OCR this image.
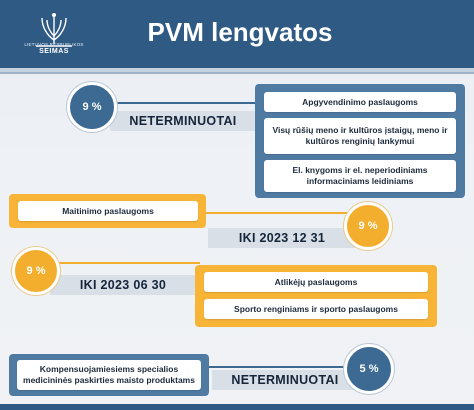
LIETUVOS RESPUBLIKOS
SEIMAS
PVM lengvatos
NETERMINUOTAI
9 %	Apgyvendinimo paslaugoms
Visų rūšių meno ir kultūros įstaigų, meno ir kultūros renginių lankymui
El. knygoms ir el. neperiodiniams informaciniams leidiniams
Maitinimo paslaugoms
IKI 2023 12 31
9 %
IKI 2023 06 30
9 %
Atlikėjų paslaugoms
Sporto renginiams ir sporto paslaugoms
Kompensuojamiesiems specialios medicininės paskirties maisto produktams	NETERMINUOTAI
5 %
